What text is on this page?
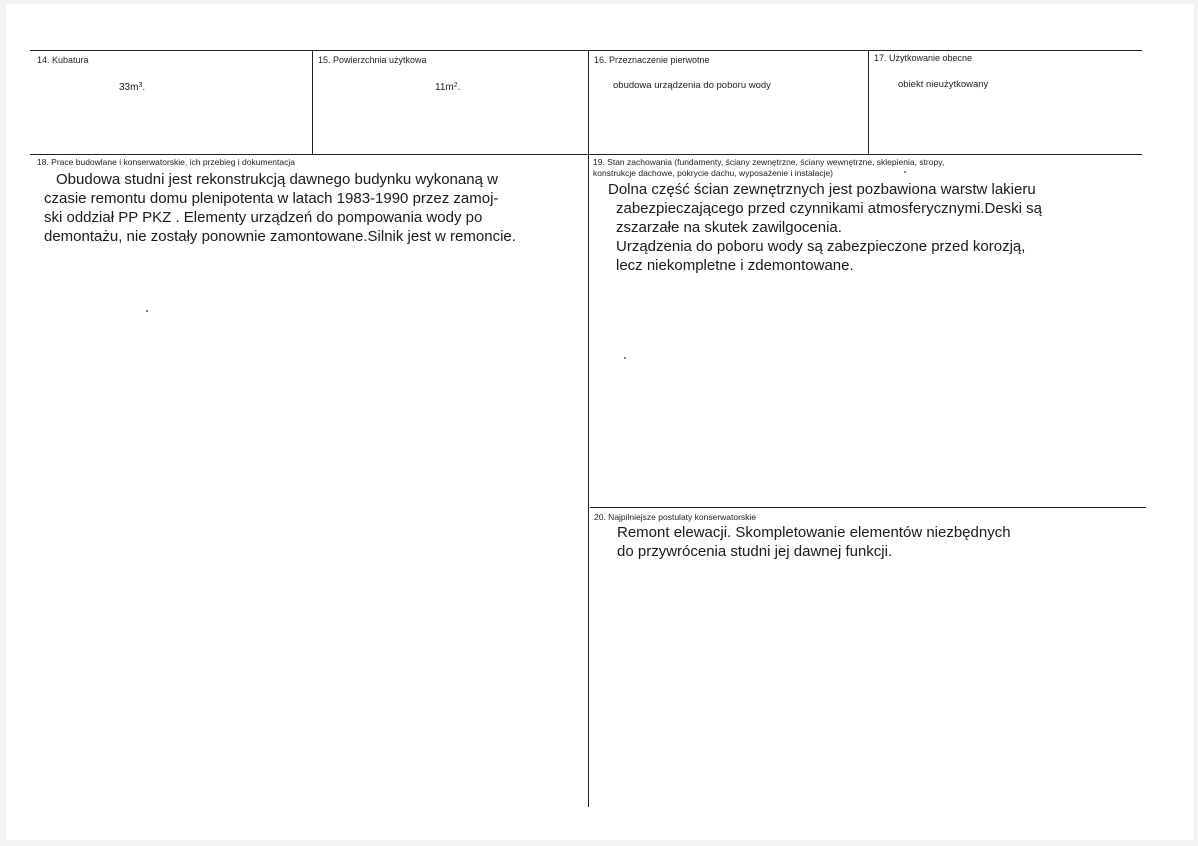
14. Kubatura
$33m^3$.
15. Powierzchnia użytkowa
$11m^2$.
16. Przeznaczenie pierwotne
obudowa urządzenia do poboru wody
17. Użytkowanie obecne
obiekt nieużytkowany
18. Prace budowlane i konserwatorskie, ich przebieg i dokumentacja
Obudowa studni jest rekonstrukcją dawnego budynku wykonaną w
czasie remontu domu plenipotenta w latach 1983-1990 przez zamoj-
ski oddział PP PKZ . Elementy urządzeń do pompowania wody po
demontażu, nie zostały ponownie zamontowane.Silnik jest w remoncie.
19. Stan zachowania (fundamenty, ściany zewnętrzne, ściany wewnętrzne, sklepienia, stropy,
konstrukcje dachowe, pokrycie dachu, wyposażenie i instalacje)
Dolna część ścian zewnętrznych jest pozbawiona warstw lakieru
zabezpieczającego przed czynnikami atmosferycznymi.Deski są
zszarzałe na skutek zawilgocenia.
Urządzenia do poboru wody są zabezpieczone przed korozją,
lecz niekompletne i zdemontowane.
20. Najpilniejsze postulaty konserwatorskie
Remont elewacji. Skompletowanie elementów niezbędnych
do przywrócenia studni jej dawnej funkcji.
